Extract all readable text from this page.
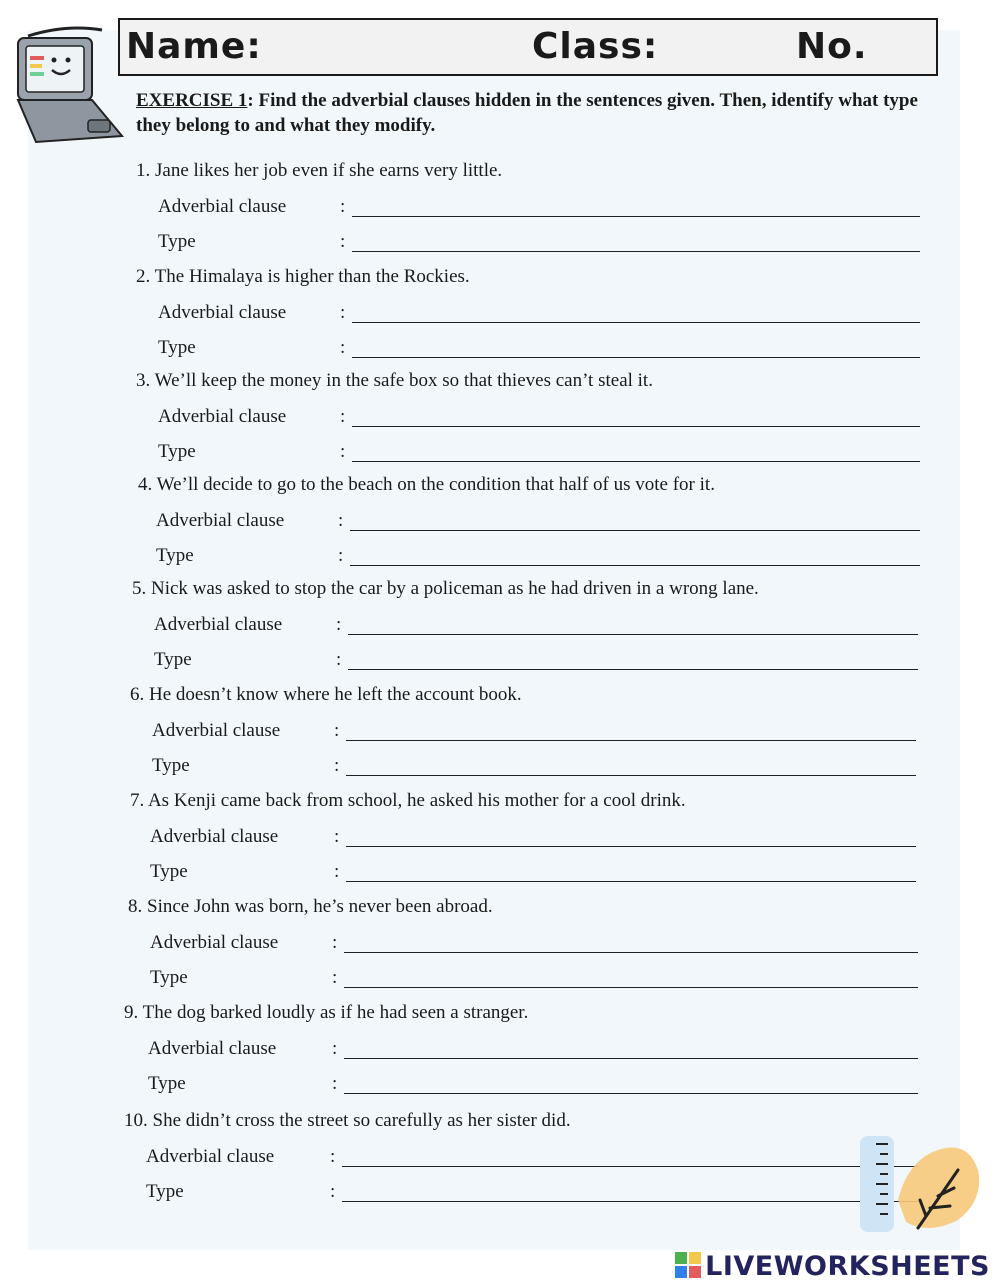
Name:	Class:	No.
EXERCISE 1: Find the adverbial clauses hidden in the sentences given. Then, identify what type they belong to and what they modify.
1. Jane likes her job even if she earns very little.
Adverbial clause	:
Type	:
2. The Himalaya is higher than the Rockies.
Adverbial clause	:
Type	:
3. We’ll keep the money in the safe box so that thieves can’t steal it.
Adverbial clause	:
Type	:
4. We’ll decide to go to the beach on the condition that half of us vote for it.
Adverbial clause	:
Type	:
5. Nick was asked to stop the car by a policeman as he had driven in a wrong lane.
Adverbial clause	:
Type	:
6. He doesn’t know where he left the account book.
Adverbial clause	:
Type	:
7. As Kenji came back from school, he asked his mother for a cool drink.
Adverbial clause	:
Type	:
8. Since John was born, he’s never been abroad.
Adverbial clause	:
Type	:
9. The dog barked loudly as if he had seen a stranger.
Adverbial clause	:
Type	:
10. She didn’t cross the street so carefully as her sister did.
Adverbial clause	:
Type	:
LIVEWORKSHEETS
